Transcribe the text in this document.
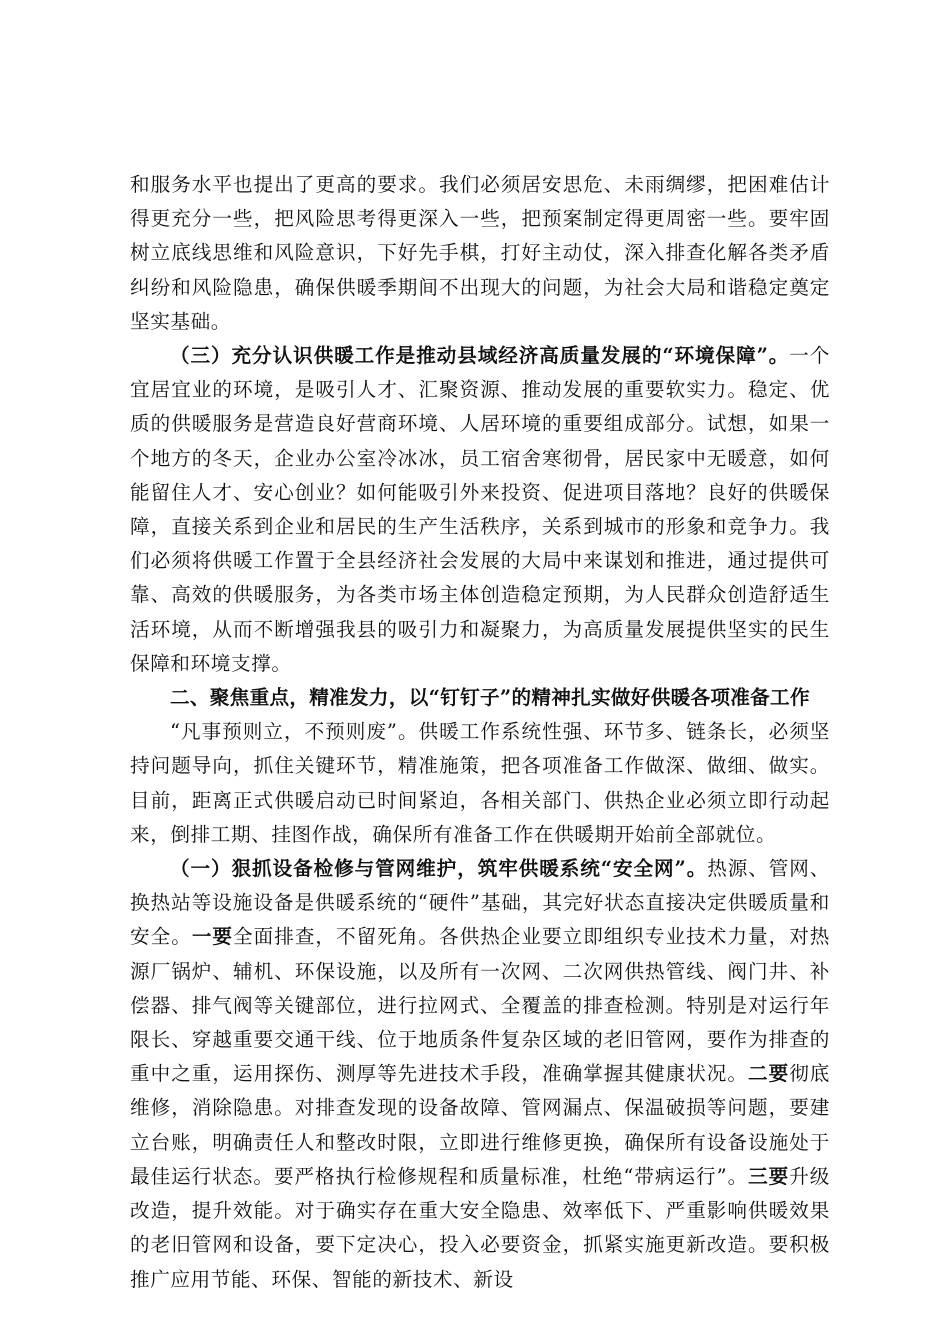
和服务水平也提出了更高的要求。我们必须居安思危、未雨绸缪，把困难估计得更充分一些，把风险思考得更深入一些，把预案制定得更周密一些。要牢固树立底线思维和风险意识，下好先手棋，打好主动仗，深入排查化解各类矛盾纠纷和风险隐患，确保供暖季期间不出现大的问题，为社会大局和谐稳定奠定坚实基础。

（三）充分认识供暖工作是推动县域经济高质量发展的“环境保障”。一个宜居宜业的环境，是吸引人才、汇聚资源、推动发展的重要软实力。稳定、优质的供暖服务是营造良好营商环境、人居环境的重要组成部分。试想，如果一个地方的冬天，企业办公室冷冰冰，员工宿舍寒彻骨，居民家中无暖意，如何能留住人才、安心创业？如何能吸引外来投资、促进项目落地？良好的供暖保障，直接关系到企业和居民的生产生活秩序，关系到城市的形象和竞争力。我们必须将供暖工作置于全县经济社会发展的大局中来谋划和推进，通过提供可靠、高效的供暖服务，为各类市场主体创造稳定预期，为人民群众创造舒适生活环境，从而不断增强我县的吸引力和凝聚力，为高质量发展提供坚实的民生保障和环境支撑。

二、聚焦重点，精准发力，以“钉钉子”的精神扎实做好供暖各项准备工作

“凡事预则立，不预则废”。供暖工作系统性强、环节多、链条长，必须坚持问题导向，抓住关键环节，精准施策，把各项准备工作做深、做细、做实。目前，距离正式供暖启动已时间紧迫，各相关部门、供热企业必须立即行动起来，倒排工期、挂图作战，确保所有准备工作在供暖期开始前全部就位。

（一）狠抓设备检修与管网维护，筑牢供暖系统“安全网”。热源、管网、换热站等设施设备是供暖系统的“硬件”基础，其完好状态直接决定供暖质量和安全。一要全面排查，不留死角。各供热企业要立即组织专业技术力量，对热源厂锅炉、辅机、环保设施，以及所有一次网、二次网供热管线、阀门井、补偿器、排气阀等关键部位，进行拉网式、全覆盖的排查检测。特别是对运行年限长、穿越重要交通干线、位于地质条件复杂区域的老旧管网，要作为排查的重中之重，运用探伤、测厚等先进技术手段，准确掌握其健康状况。二要彻底维修，消除隐患。对排查发现的设备故障、管网漏点、保温破损等问题，要建立台账，明确责任人和整改时限，立即进行维修更换，确保所有设备设施处于最佳运行状态。要严格执行检修规程和质量标准，杜绝“带病运行”。三要升级改造，提升效能。对于确实存在重大安全隐患、效率低下、严重影响供暖效果的老旧管网和设备，要下定决心，投入必要资金，抓紧实施更新改造。要积极推广应用节能、环保、智能的新技术、新设
